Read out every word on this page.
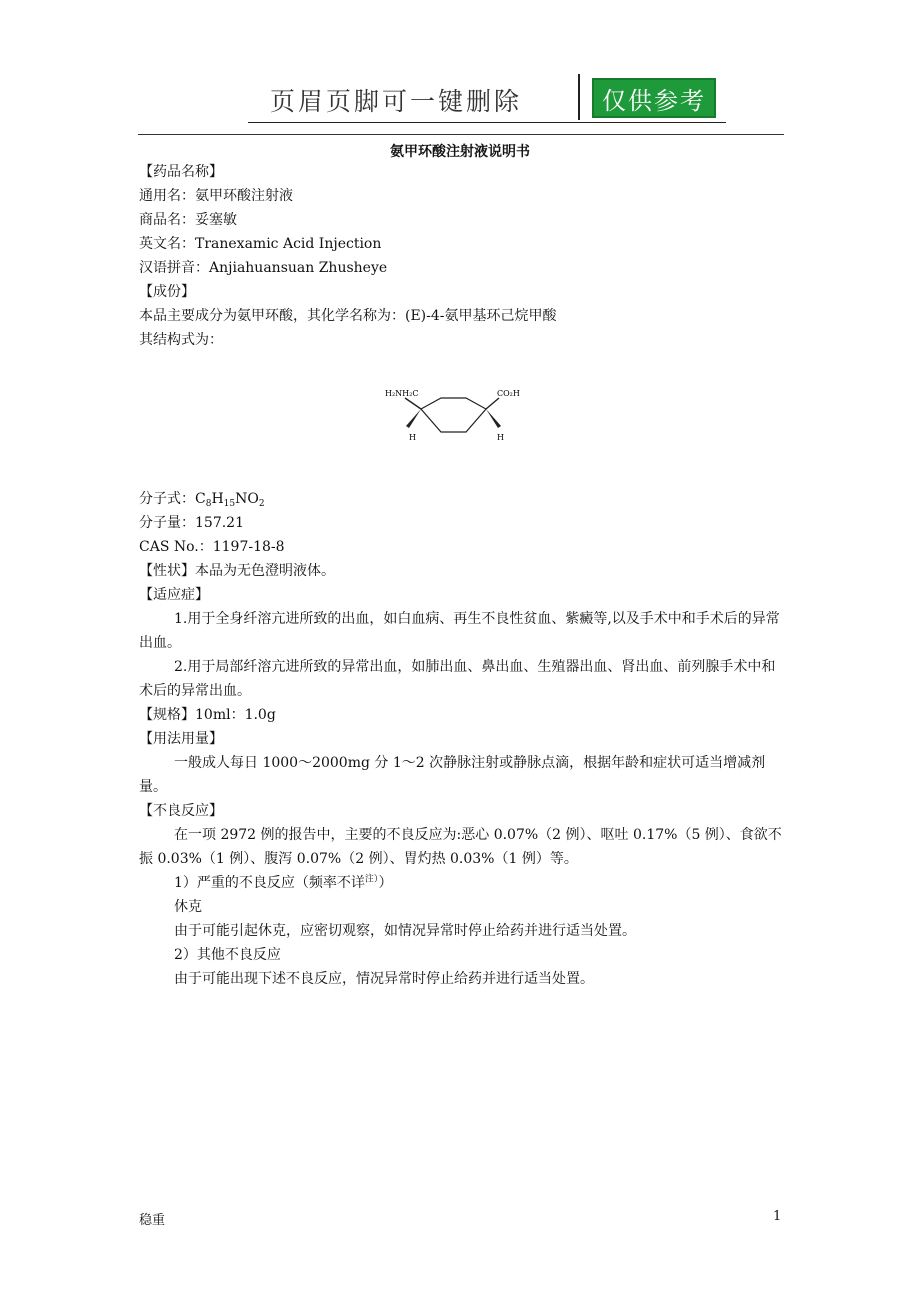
页眉页脚可一键删除	仅供参考
氨甲环酸注射液说明书
【药品名称】
通用名：氨甲环酸注射液
商品名：妥塞敏
英文名：Tranexamic Acid Injection
汉语拼音：Anjiahuansuan Zhusheye
【成份】
本品主要成分为氨甲环酸，其化学名称为：(E)-4-氨甲基环己烷甲酸
其结构式为：
H₂NH₂C	CO₂H
H	H
分子式：$C_8H_{15}NO_2$
分子量：157.21
CAS No.：1197-18-8
【性状】本品为无色澄明液体。
【适应症】
1.用于全身纤溶亢进所致的出血，如白血病、再生不良性贫血、紫癜等,以及手术中和手术后的异常出血。
2.用于局部纤溶亢进所致的异常出血，如肺出血、鼻出血、生殖器出血、肾出血、前列腺手术中和术后的异常出血。
【规格】10ml：1.0g
【用法用量】
一般成人每日 1000～2000mg 分 1～2 次静脉注射或静脉点滴，根据年龄和症状可适当增减剂量。
【不良反应】
在一项 2972 例的报告中，主要的不良反应为:恶心 0.07%（2 例）、呕吐 0.17%（5 例）、食欲不振 0.03%（1 例）、腹泻 0.07%（2 例）、胃灼热 0.03%（1 例）等。
1）严重的不良反应（频率不详$^{注)}$）
休克
由于可能引起休克，应密切观察，如情况异常时停止给药并进行适当处置。
2）其他不良反应
由于可能出现下述不良反应，情况异常时停止给药并进行适当处置。
稳重	1
